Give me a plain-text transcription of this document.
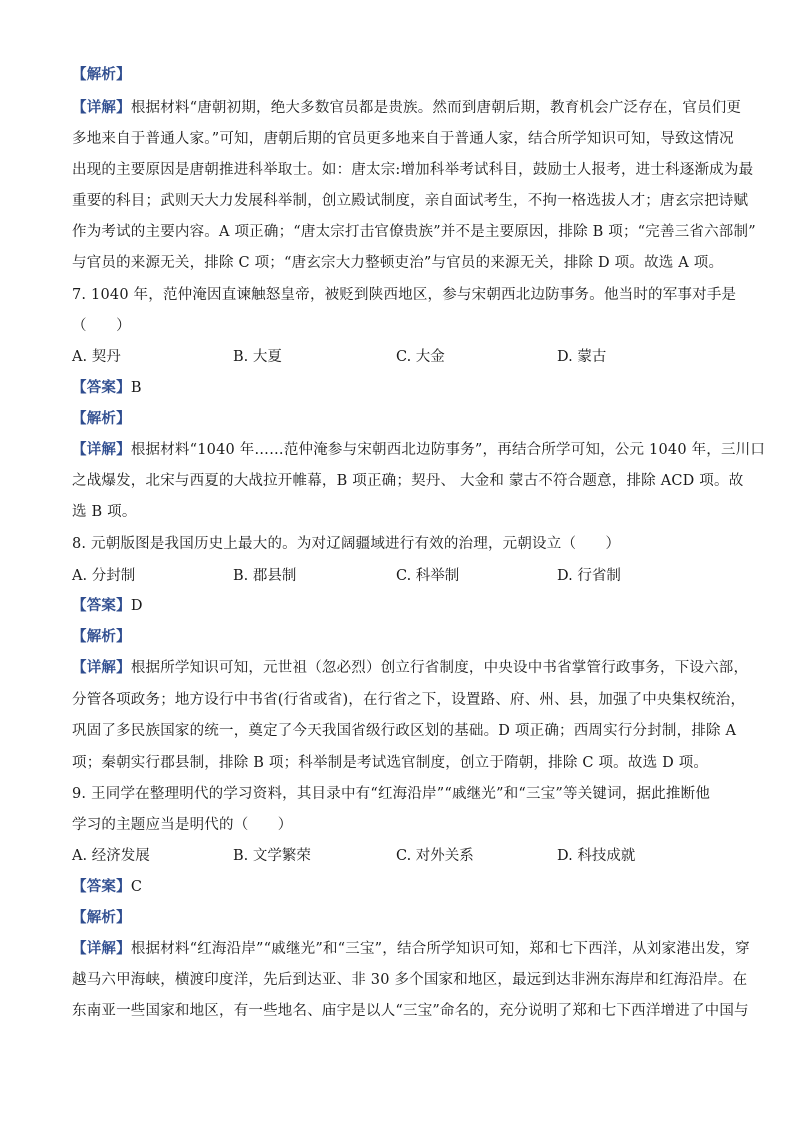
【解析】
【详解】根据材料“唐朝初期，绝大多数官员都是贵族。然而到唐朝后期，教育机会广泛存在，官员们更
多地来自于普通人家。”可知，唐朝后期的官员更多地来自于普通人家，结合所学知识可知，导致这情况
出现的主要原因是唐朝推进科举取士。如：唐太宗:增加科举考试科目，鼓励士人报考，进士科逐渐成为最
重要的科目；武则天大力发展科举制，创立殿试制度，亲自面试考生，不拘一格选拔人才；唐玄宗把诗赋
作为考试的主要内容。A 项正确；“唐太宗打击官僚贵族”并不是主要原因，排除 B 项；“完善三省六部制”
与官员的来源无关，排除 C 项；“唐玄宗大力整顿吏治”与官员的来源无关，排除 D 项。故选 A 项。
7. 1040 年，范仲淹因直谏触怒皇帝，被贬到陕西地区，参与宋朝西北边防事务。他当时的军事对手是
（　　）
A. 契丹	B. 大夏	C. 大金	D. 蒙古
【答案】B
【解析】
【详解】根据材料“1040 年……范仲淹参与宋朝西北边防事务”，再结合所学可知，公元 1040 年，三川口
之战爆发，北宋与西夏的大战拉开帷幕，B 项正确；契丹、 大金和 蒙古不符合题意，排除 ACD 项。故
选 B 项。
8. 元朝版图是我国历史上最大的。为对辽阔疆域进行有效的治理，元朝设立（　　）
A. 分封制	B. 郡县制	C. 科举制	D. 行省制
【答案】D
【解析】
【详解】根据所学知识可知，元世祖（忽必烈）创立行省制度，中央设中书省掌管行政事务，下设六部，
分管各项政务；地方设行中书省(行省或省)，在行省之下，设置路、府、州、县，加强了中央集权统治，
巩固了多民族国家的统一，奠定了今天我国省级行政区划的基础。D 项正确；西周实行分封制，排除 A
项；秦朝实行郡县制，排除 B 项；科举制是考试选官制度，创立于隋朝，排除 C 项。故选 D 项。
9. 王同学在整理明代的学习资料，其目录中有“红海沿岸”“戚继光”和“三宝”等关键词，据此推断他
学习的主题应当是明代的（　　）
A. 经济发展	B. 文学繁荣	C. 对外关系	D. 科技成就
【答案】C
【解析】
【详解】根据材料“红海沿岸”“戚继光”和“三宝”，结合所学知识可知，郑和七下西洋，从刘家港出发，穿
越马六甲海峡，横渡印度洋，先后到达亚、非 30 多个国家和地区，最远到达非洲东海岸和红海沿岸。在
东南亚一些国家和地区，有一些地名、庙宇是以人“三宝”命名的，充分说明了郑和七下西洋增进了中国与
